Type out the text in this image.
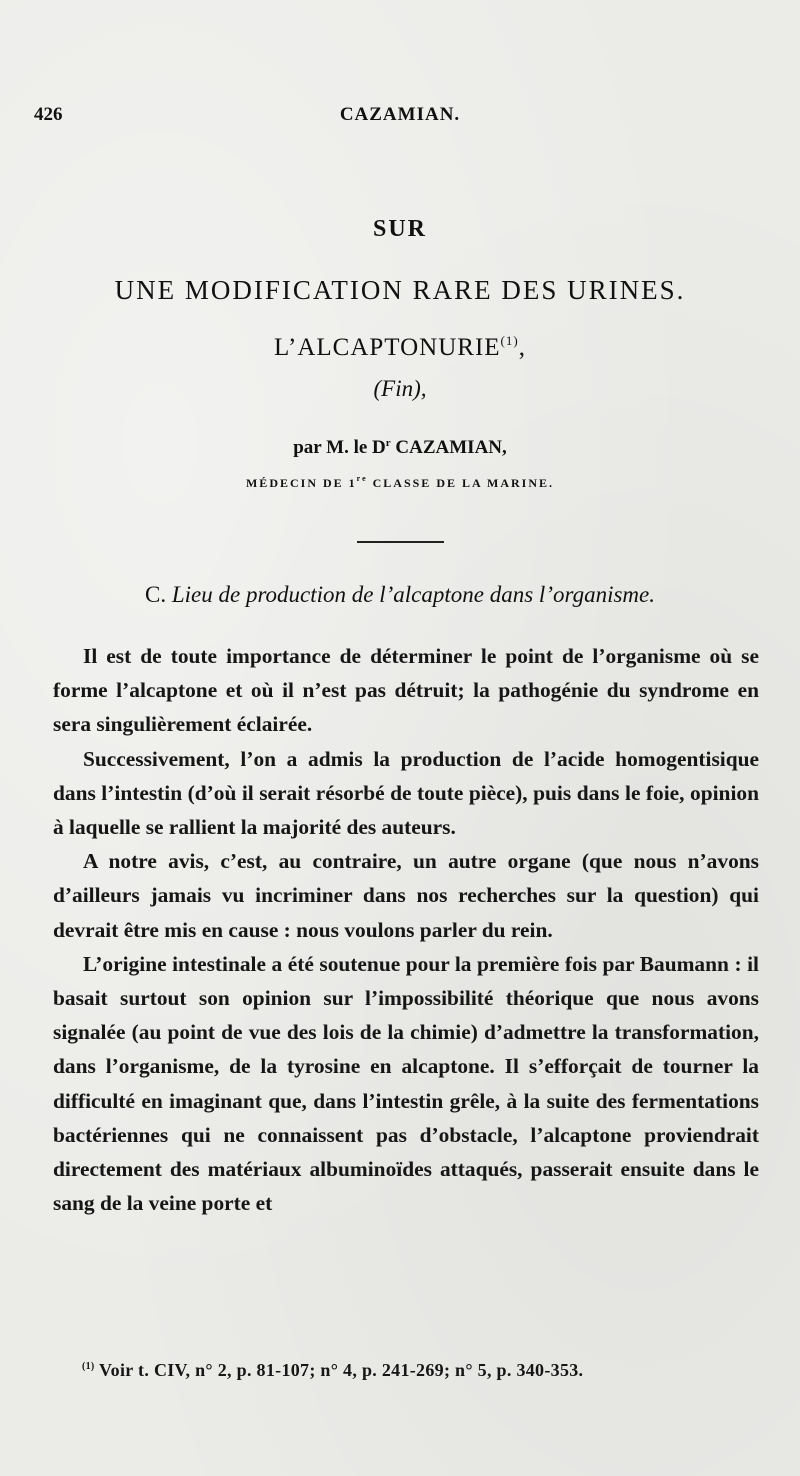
426	CAZAMIAN.
SUR
UNE MODIFICATION RARE DES URINES.
L’ALCAPTONURIE$^{(1)}$,
(Fin),
par M. le $D^r$ CAZAMIAN,
MÉDECIN DE 1re CLASSE DE LA MARINE.
C. Lieu de production de l’alcaptone dans l’organisme.

Il est de toute importance de déterminer le point de l’organisme où se forme l’alcaptone et où il n’est pas détruit; la pathogénie du syndrome en sera singulièrement éclairée.

Successivement, l’on a admis la production de l’acide homogentisique dans l’intestin (d’où il serait résorbé de toute pièce), puis dans le foie, opinion à laquelle se rallient la majorité des auteurs.

A notre avis, c’est, au contraire, un autre organe (que nous n’avons d’ailleurs jamais vu incriminer dans nos recherches sur la question) qui devrait être mis en cause : nous voulons parler du rein.

L’origine intestinale a été soutenue pour la première fois par Baumann : il basait surtout son opinion sur l’impossibilité théorique que nous avons signalée (au point de vue des lois de la chimie) d’admettre la transformation, dans l’organisme, de la tyrosine en alcaptone. Il s’efforçait de tourner la difficulté en imaginant que, dans l’intestin grêle, à la suite des fermentations bactériennes qui ne connaissent pas d’obstacle, l’alcaptone proviendrait directement des matériaux albuminoïdes attaqués, passerait ensuite dans le sang de la veine porte et

$^{(1)}$ Voir t. CIV, n° 2, p. 81-107; n° 4, p. 241-269; n° 5, p. 340-353.
